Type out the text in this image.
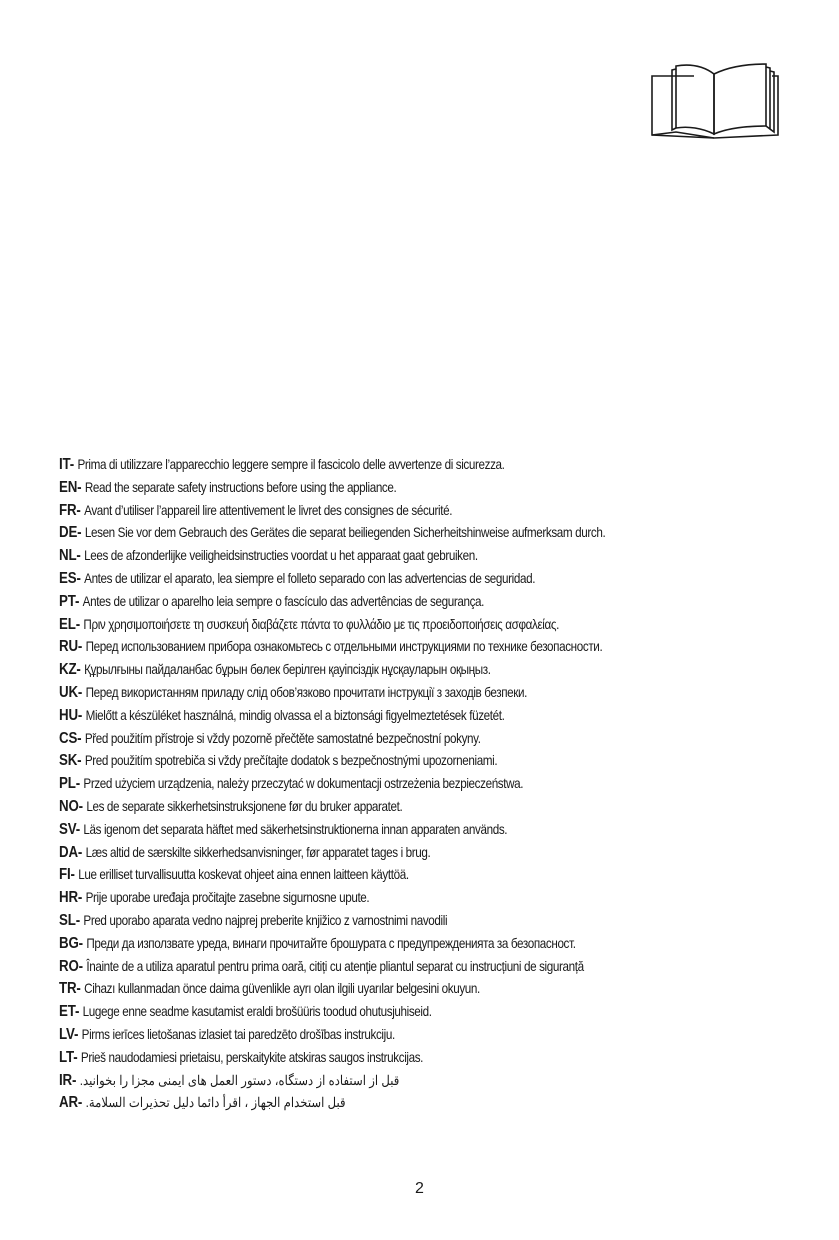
IT- Prima di utilizzare l’apparecchio leggere sempre il fascicolo delle avvertenze di sicurezza.
EN- Read the separate safety instructions before using the appliance.
FR- Avant d’utiliser l’appareil lire attentivement le livret des consignes de sécurité.
DE- Lesen Sie vor dem Gebrauch des Gerätes die separat beiliegenden Sicherheitshinweise aufmerksam durch.
NL- Lees de afzonderlijke veiligheidsinstructies voordat u het apparaat gaat gebruiken.
ES- Antes de utilizar el aparato, lea siempre el folleto separado con las advertencias de seguridad.
PT- Antes de utilizar o aparelho leia sempre o fascículo das advertências de segurança.
EL- Πριν χρησιμοποιήσετε τη συσκευή διαβάζετε πάντα το φυλλάδιο με τις προειδοποιήσεις ασφαλείας.
RU- Перед использованием прибора ознакомьтесь с отдельными инструкциями по технике безопасности.
KZ- Құрылғыны пайдаланбас бұрын бөлек берілген қауіпсіздік нұсқауларын оқыңыз.
UK- Перед використанням приладу слід обов’язково прочитати інструкції з заходів безпеки.
HU- Mielőtt a készüléket használná, mindig olvassa el a biztonsági figyelmeztetések füzetét.
CS- Před použitím přístroje si vždy pozorně přečtěte samostatné bezpečnostní pokyny.
SK- Pred použitím spotrebiča si vždy prečítajte dodatok s bezpečnostnými upozorneniami.
PL- Przed użyciem urządzenia, należy przeczytać w dokumentacji ostrzeżenia bezpieczeństwa.
NO- Les de separate sikkerhetsinstruksjonene før du bruker apparatet.
SV- Läs igenom det separata häftet med säkerhetsinstruktionerna innan apparaten används.
DA- Læs altid de særskilte sikkerhedsanvisninger, før apparatet tages i brug.
FI- Lue erilliset turvallisuutta koskevat ohjeet aina ennen laitteen käyttöä.
HR- Prije uporabe uređaja pročitajte zasebne sigurnosne upute.
SL- Pred uporabo aparata vedno najprej preberite knjižico z varnostnimi navodili
BG- Преди да използвате уреда, винаги прочитайте брошурата с предупрежденията за безопасност.
RO- Înainte de a utiliza aparatul pentru prima oară, citiți cu atenție pliantul separat cu instrucțiuni de siguranță
TR- Cihazı kullanmadan önce daima güvenlikle ayrı olan ilgili uyarılar belgesini okuyun.
ET- Lugege enne seadme kasutamist eraldi brošüüris toodud ohutusjuhiseid.
LV- Pirms ierīces lietošanas izlasiet tai paredzēto drošības instrukciju.
LT- Prieš naudodamiesi prietaisu, perskaitykite atskiras saugos instrukcijas.
IR- قبل از استفاده از دستگاه، دستور العمل های ایمنی مجزا را بخوانید.
AR- قبل استخدام الجهاز ، اقرأ دائما دليل تحذيرات السلامة.
2
